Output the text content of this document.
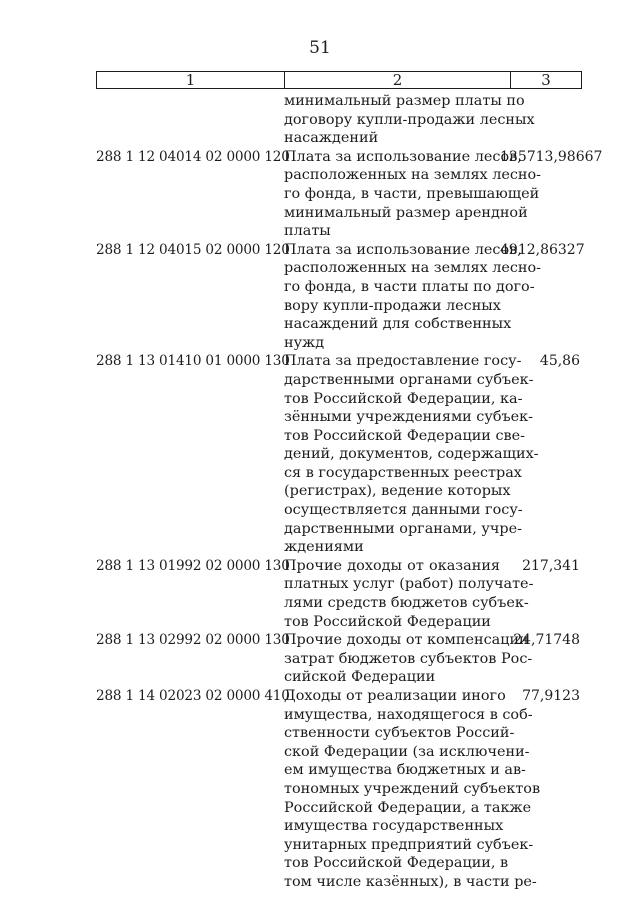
51
1	2	3
минимальный размер платы по
договору купли-продажи лесных
насаждений
288 1 12 04014 02 0000 120
Плата за использование лесов,
расположенных на землях лесно-
го фонда, в части, превышающей
минимальный размер арендной
платы
135713,98667
288 1 12 04015 02 0000 120
Плата за использование лесов,
расположенных на землях лесно-
го фонда, в части платы по дого-
вору купли-продажи лесных
насаждений для собственных
нужд
4912,86327
288 1 13 01410 01 0000 130
Плата за предоставление госу-
дарственными органами субъек-
тов Российской Федерации, ка-
зёнными учреждениями субъек-
тов Российской Федерации све-
дений, документов, содержащих-
ся в государственных реестрах
(регистрах), ведение которых
осуществляется данными госу-
дарственными органами, учре-
ждениями
45,86
288 1 13 01992 02 0000 130
Прочие доходы от оказания
платных услуг (работ) получате-
лями средств бюджетов субъек-
тов Российской Федерации
217,341
288 1 13 02992 02 0000 130
Прочие доходы от компенсации
затрат бюджетов субъектов Рос-
сийской Федерации
24,71748
288 1 14 02023 02 0000 410
Доходы от реализации иного
имущества, находящегося в соб-
ственности субъектов Россий-
ской Федерации (за исключени-
ем имущества бюджетных и ав-
тономных учреждений субъектов
Российской Федерации, а также
имущества государственных
унитарных предприятий субъек-
тов Российской Федерации, в
том числе казённых), в части ре-
77,9123
